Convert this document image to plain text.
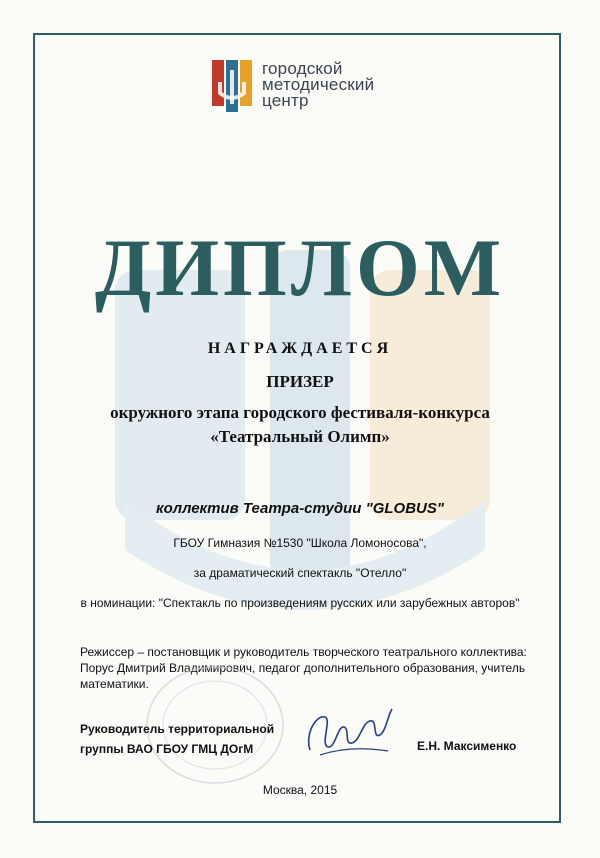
городской
методический
центр
ДИПЛОМ
НАГРАЖДАЕТСЯ
ПРИЗЕР
окружного этапа городского фестиваля-конкурса
«Театральный Олимп»
коллектив Театра-студии "GLOBUS"
ГБОУ Гимназия №1530 "Школа Ломоносова",
за драматический спектакль "Отелло"
в номинации: "Спектакль по произведениям русских или зарубежных авторов"
Режиссер – постановщик и руководитель творческого театрального коллектива:
Порус Дмитрий Владимирович, педагог дополнительного образования, учитель
математики.
Руководитель территориальной
группы ВАО ГБОУ ГМЦ ДОгМ	Е.Н. Максименко
Москва, 2015
